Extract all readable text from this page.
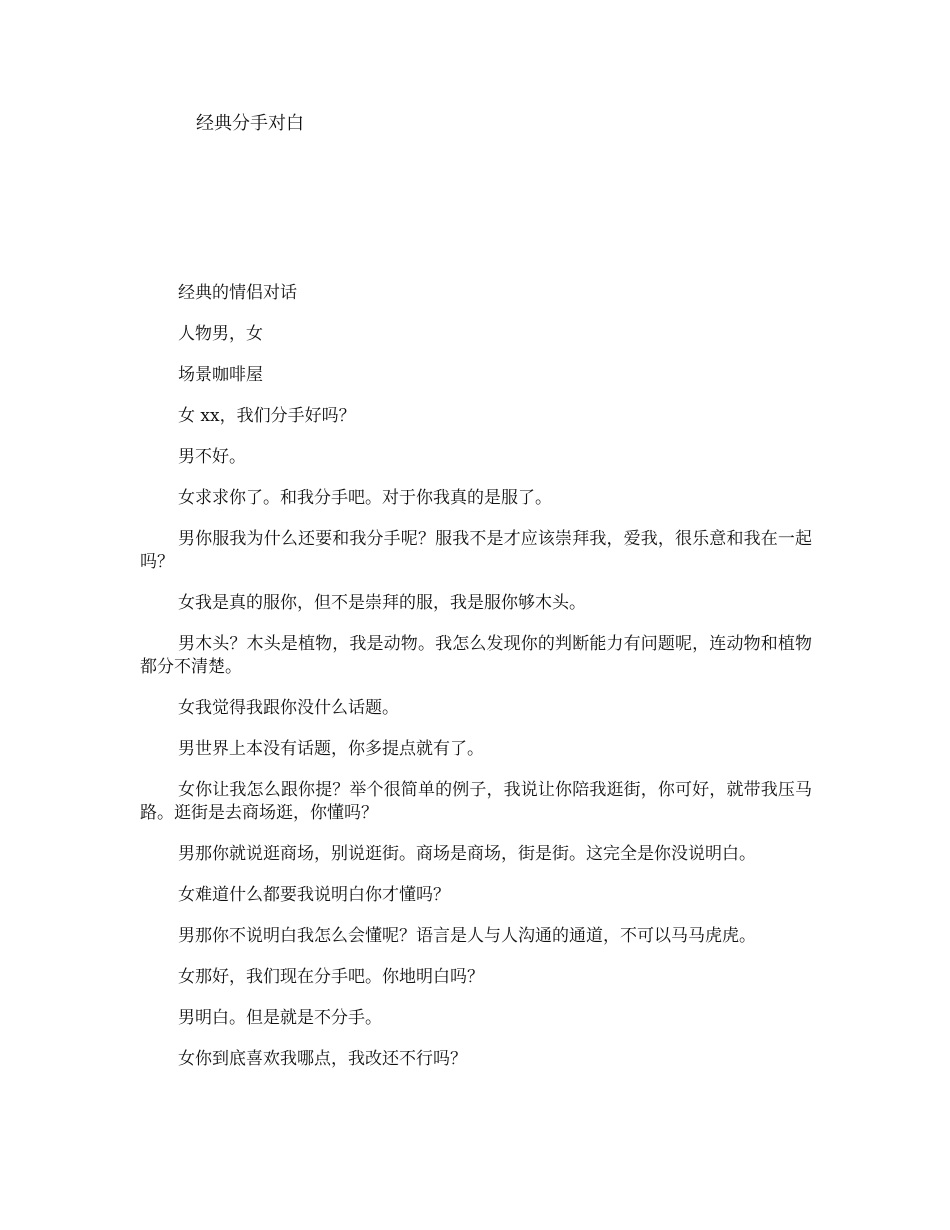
经典分手对白

经典的情侣对话

人物男，女

场景咖啡屋

女 xx，我们分手好吗？

男不好。

女求求你了。和我分手吧。对于你我真的是服了。

男你服我为什么还要和我分手呢？服我不是才应该崇拜我，爱我，很乐意和我在一起吗？

女我是真的服你，但不是崇拜的服，我是服你够木头。

男木头？木头是植物，我是动物。我怎么发现你的判断能力有问题呢，连动物和植物都分不清楚。

女我觉得我跟你没什么话题。

男世界上本没有话题，你多提点就有了。

女你让我怎么跟你提？举个很简单的例子，我说让你陪我逛街，你可好，就带我压马路。逛街是去商场逛，你懂吗？

男那你就说逛商场，别说逛街。商场是商场，街是街。这完全是你没说明白。

女难道什么都要我说明白你才懂吗？

男那你不说明白我怎么会懂呢？语言是人与人沟通的通道，不可以马马虎虎。

女那好，我们现在分手吧。你地明白吗？

男明白。但是就是不分手。

女你到底喜欢我哪点，我改还不行吗？
